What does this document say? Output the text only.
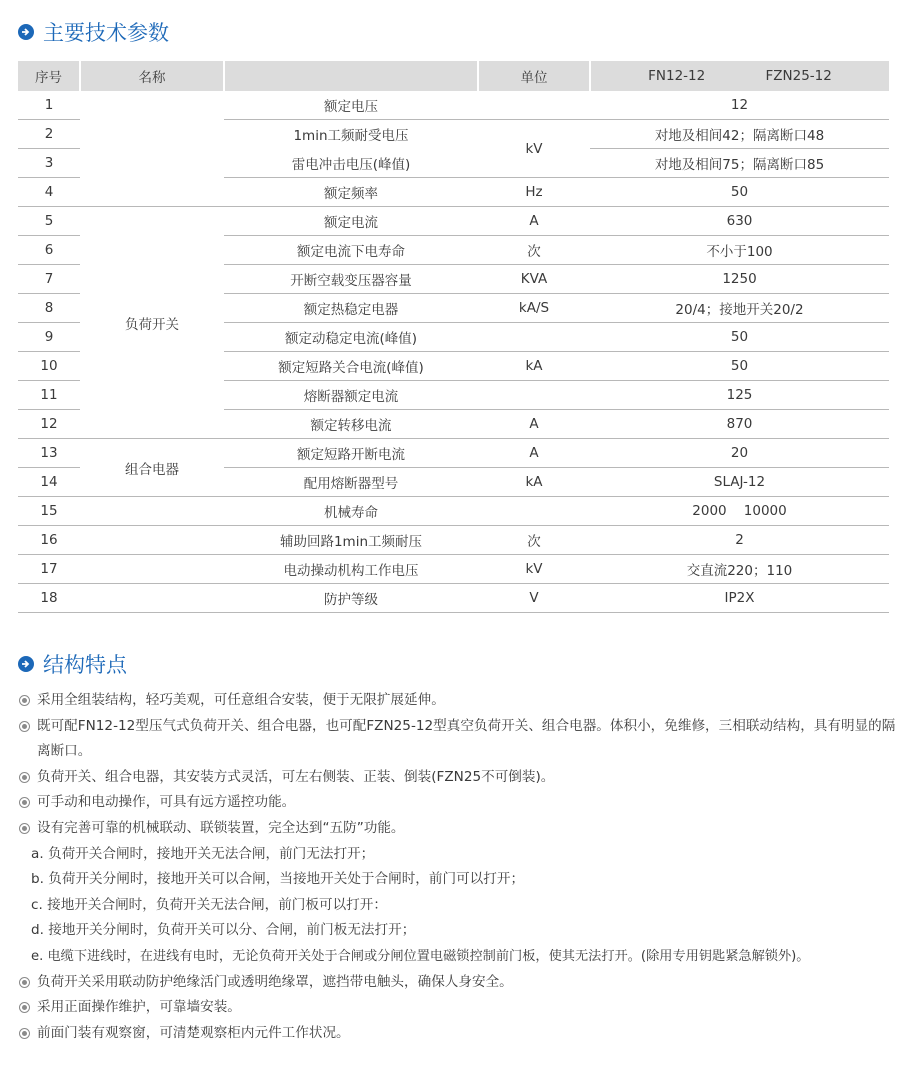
主要技术参数
序号	名称		单位	FN12-12 FZN25-12
1		额定电压		12
2		1min工频耐受电压	kV	对地及相间42；隔离断口48
3		雷电冲击电压(峰值)		对地及相间75；隔离断口85
4		额定频率	Hz	50
5	负荷开关	额定电流	A	630
6		额定电流下电寿命	次	不小于100
7		开断空载变压器容量	KVA	1250
8		额定热稳定电器	kA/S	20/4；接地开关20/2
9		额定动稳定电流(峰值)		50
10		额定短路关合电流(峰值)	kA	50
11		熔断器额定电流		125
12		额定转移电流	A	870
13	组合电器	额定短路开断电流	A	20
14		配用熔断器型号	kA	SLAJ-12
15		机械寿命		2000    10000
16		辅助回路1min工频耐压	次	2
17		电动操动机构工作电压	kV	交直流220；110
18		防护等级	V	IP2X
结构特点
采用全组装结构，轻巧美观，可任意组合安装，便于无限扩展延伸。
既可配FN12-12型压气式负荷开关、组合电器，也可配FZN25-12型真空负荷开关、组合电器。体积小，免维修，三相联动结构，具有明显的隔离断口。
负荷开关、组合电器，其安装方式灵活，可左右侧装、正装、倒装(FZN25不可倒装)。
可手动和电动操作，可具有远方遥控功能。
设有完善可靠的机械联动、联锁装置，完全达到“五防”功能。
a. 负荷开关合闸时，接地开关无法合闸，前门无法打开；
b. 负荷开关分闸时，接地开关可以合闸，当接地开关处于合闸时，前门可以打开；
c. 接地开关合闸时，负荷开关无法合闸，前门板可以打开：
d. 接地开关分闸时，负荷开关可以分、合闸，前门板无法打开；
e. 电缆下进线时，在进线有电时，无论负荷开关处于合闸或分闸位置电磁锁控制前门板，使其无法打开。(除用专用钥匙紧急解锁外)。
负荷开关采用联动防护绝缘活门或透明绝缘罩，遮挡带电触头，确保人身安全。
采用正面操作维护，可靠墙安装。
前面门装有观察窗，可清楚观察柜内元件工作状况。
